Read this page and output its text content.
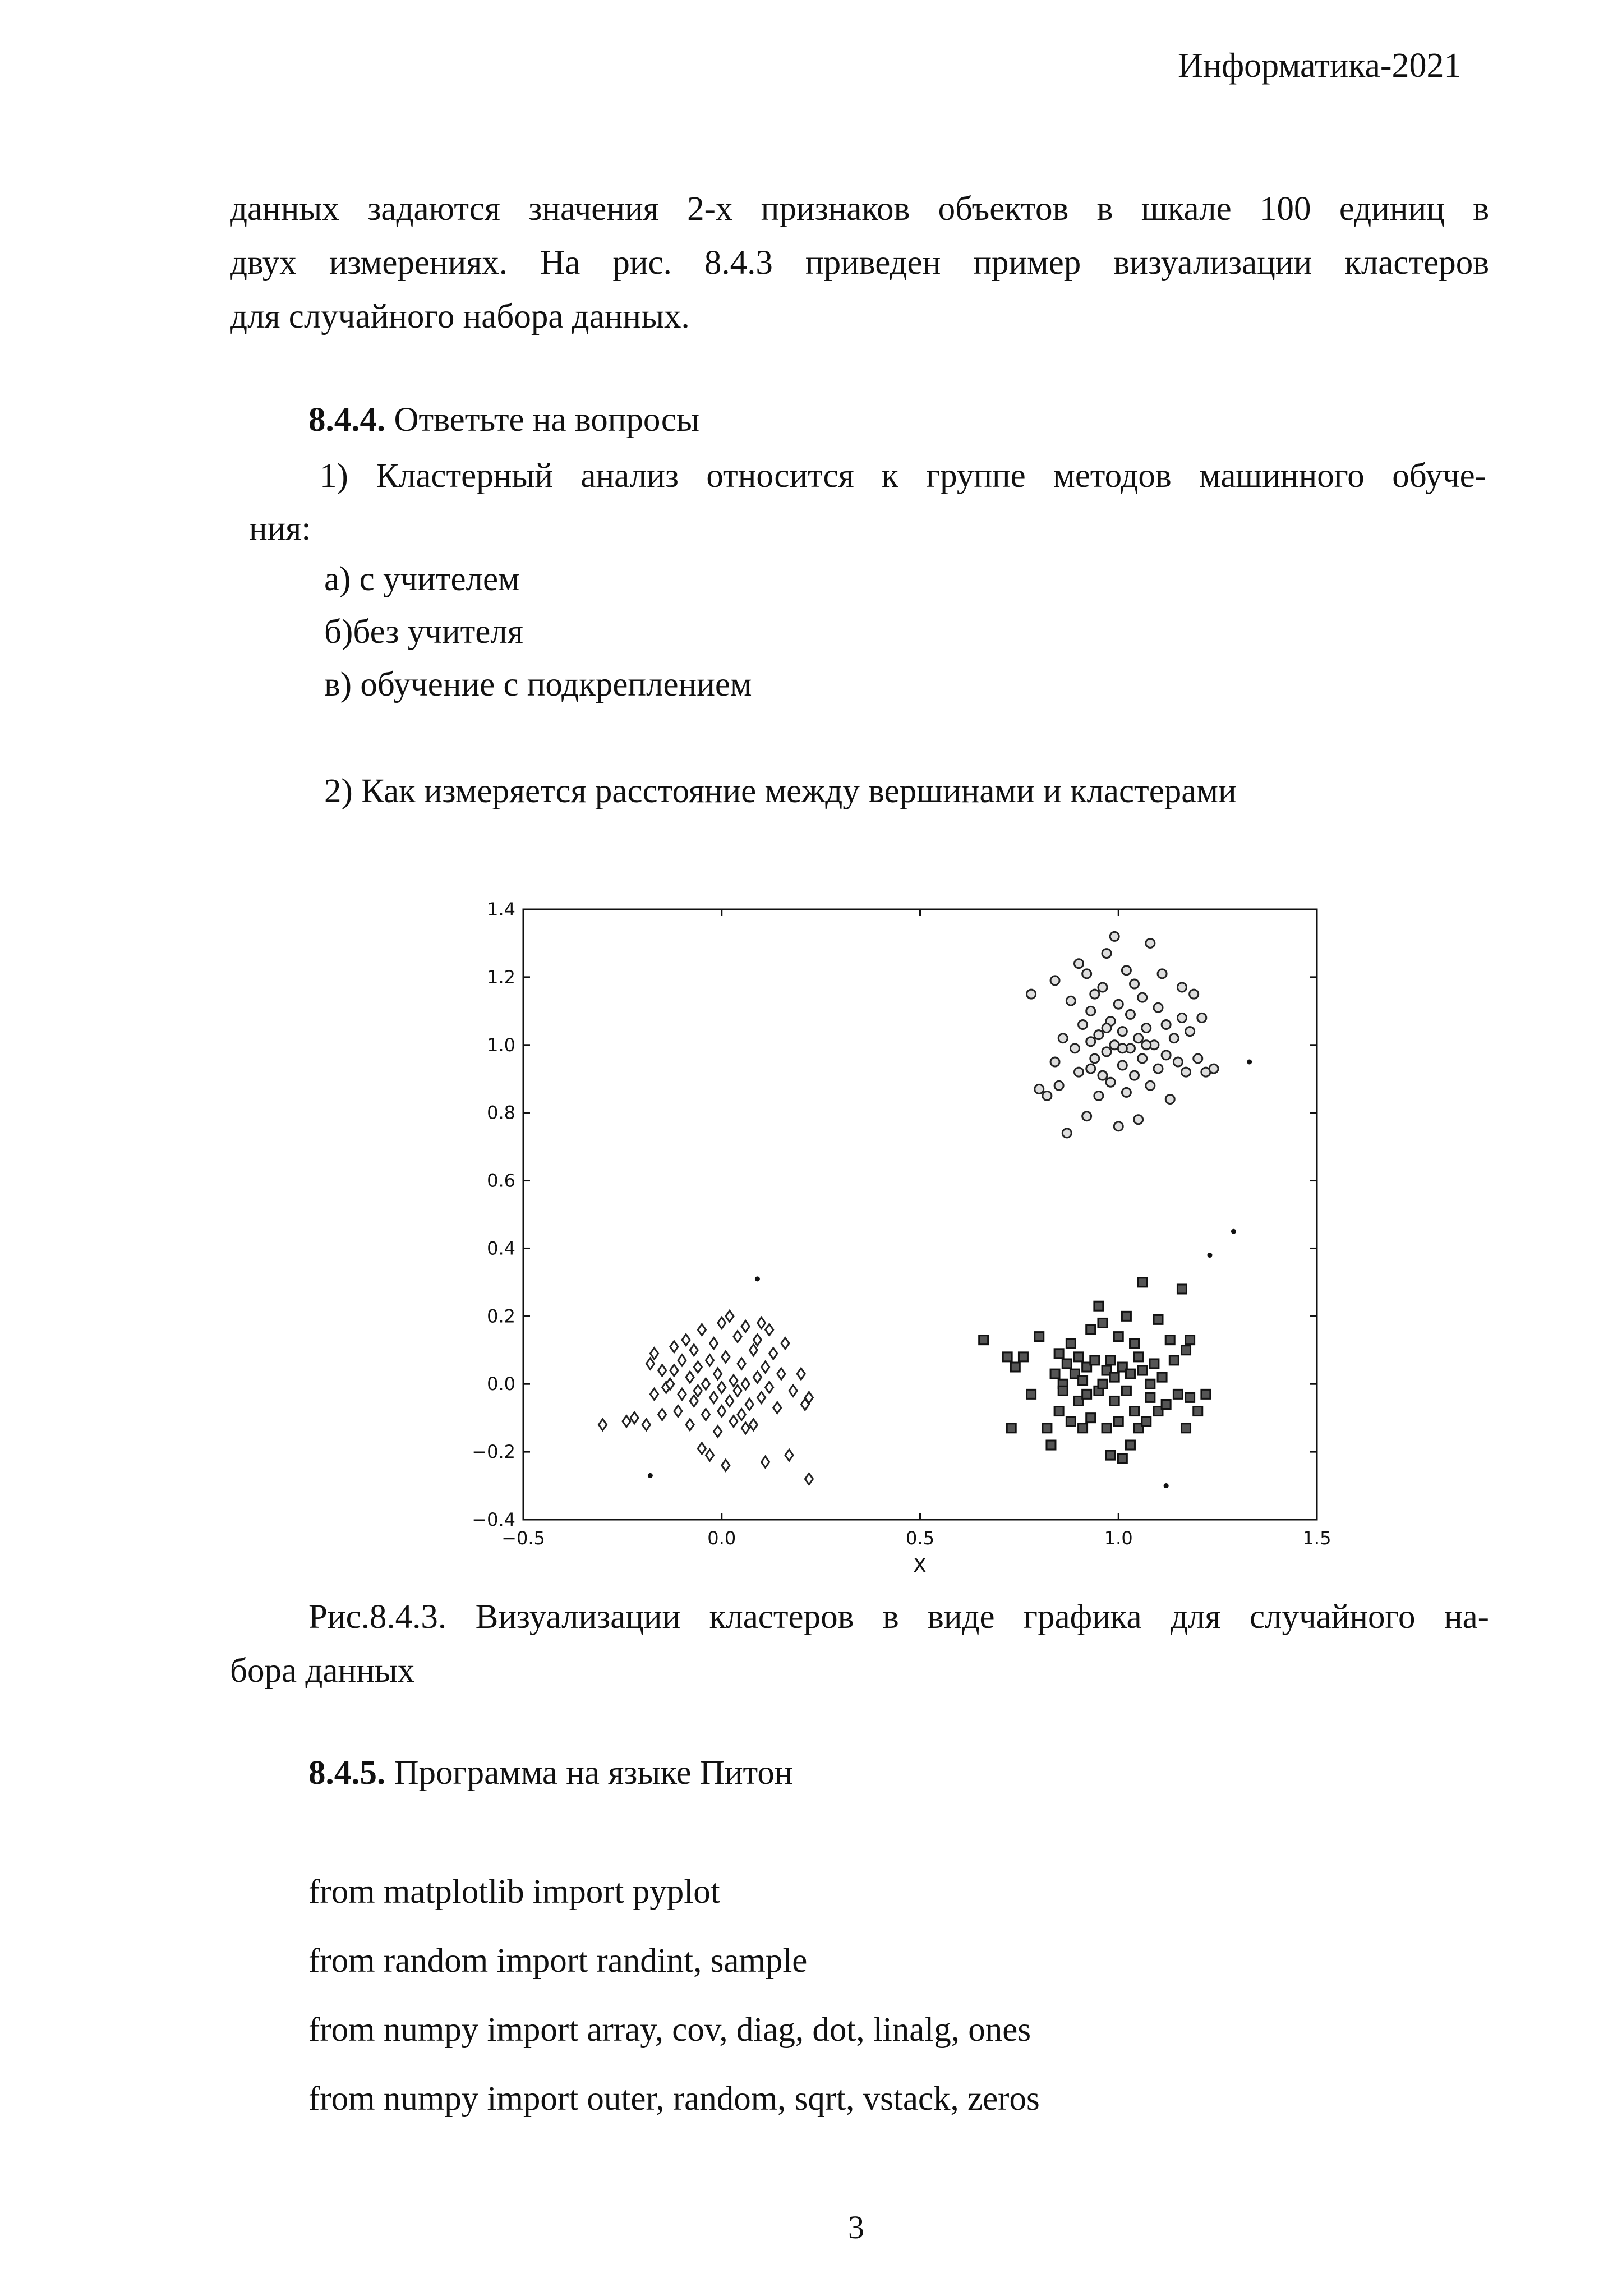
Информатика-2021
данных задаются значения 2-х признаков объектов в шкале 100 единиц в
двух измерениях. На рис. 8.4.3 приведен пример визуализации кластеров
для случайного набора данных.
8.4.4. Ответьте на вопросы
1) Кластерный анализ относится к группе методов машинного обуче-
ния:
а) с учителем
б)без учителя
в) обучение с подкреплением
2) Как измеряется расстояние между вершинами и кластерами
−0.5	0.0	0.5	1.0	1.5
−0.4
−0.2
0.0
0.2
0.4
0.6
0.8
1.0
1.2
1.4
X
Рис.8.4.3. Визуализации кластеров в виде графика для случайного на-
бора данных
8.4.5. Программа на языке Питон
from matplotlib import pyplot
from random import randint, sample
from numpy import array, cov, diag, dot, linalg, ones
from numpy import outer, random, sqrt, vstack, zeros
3
